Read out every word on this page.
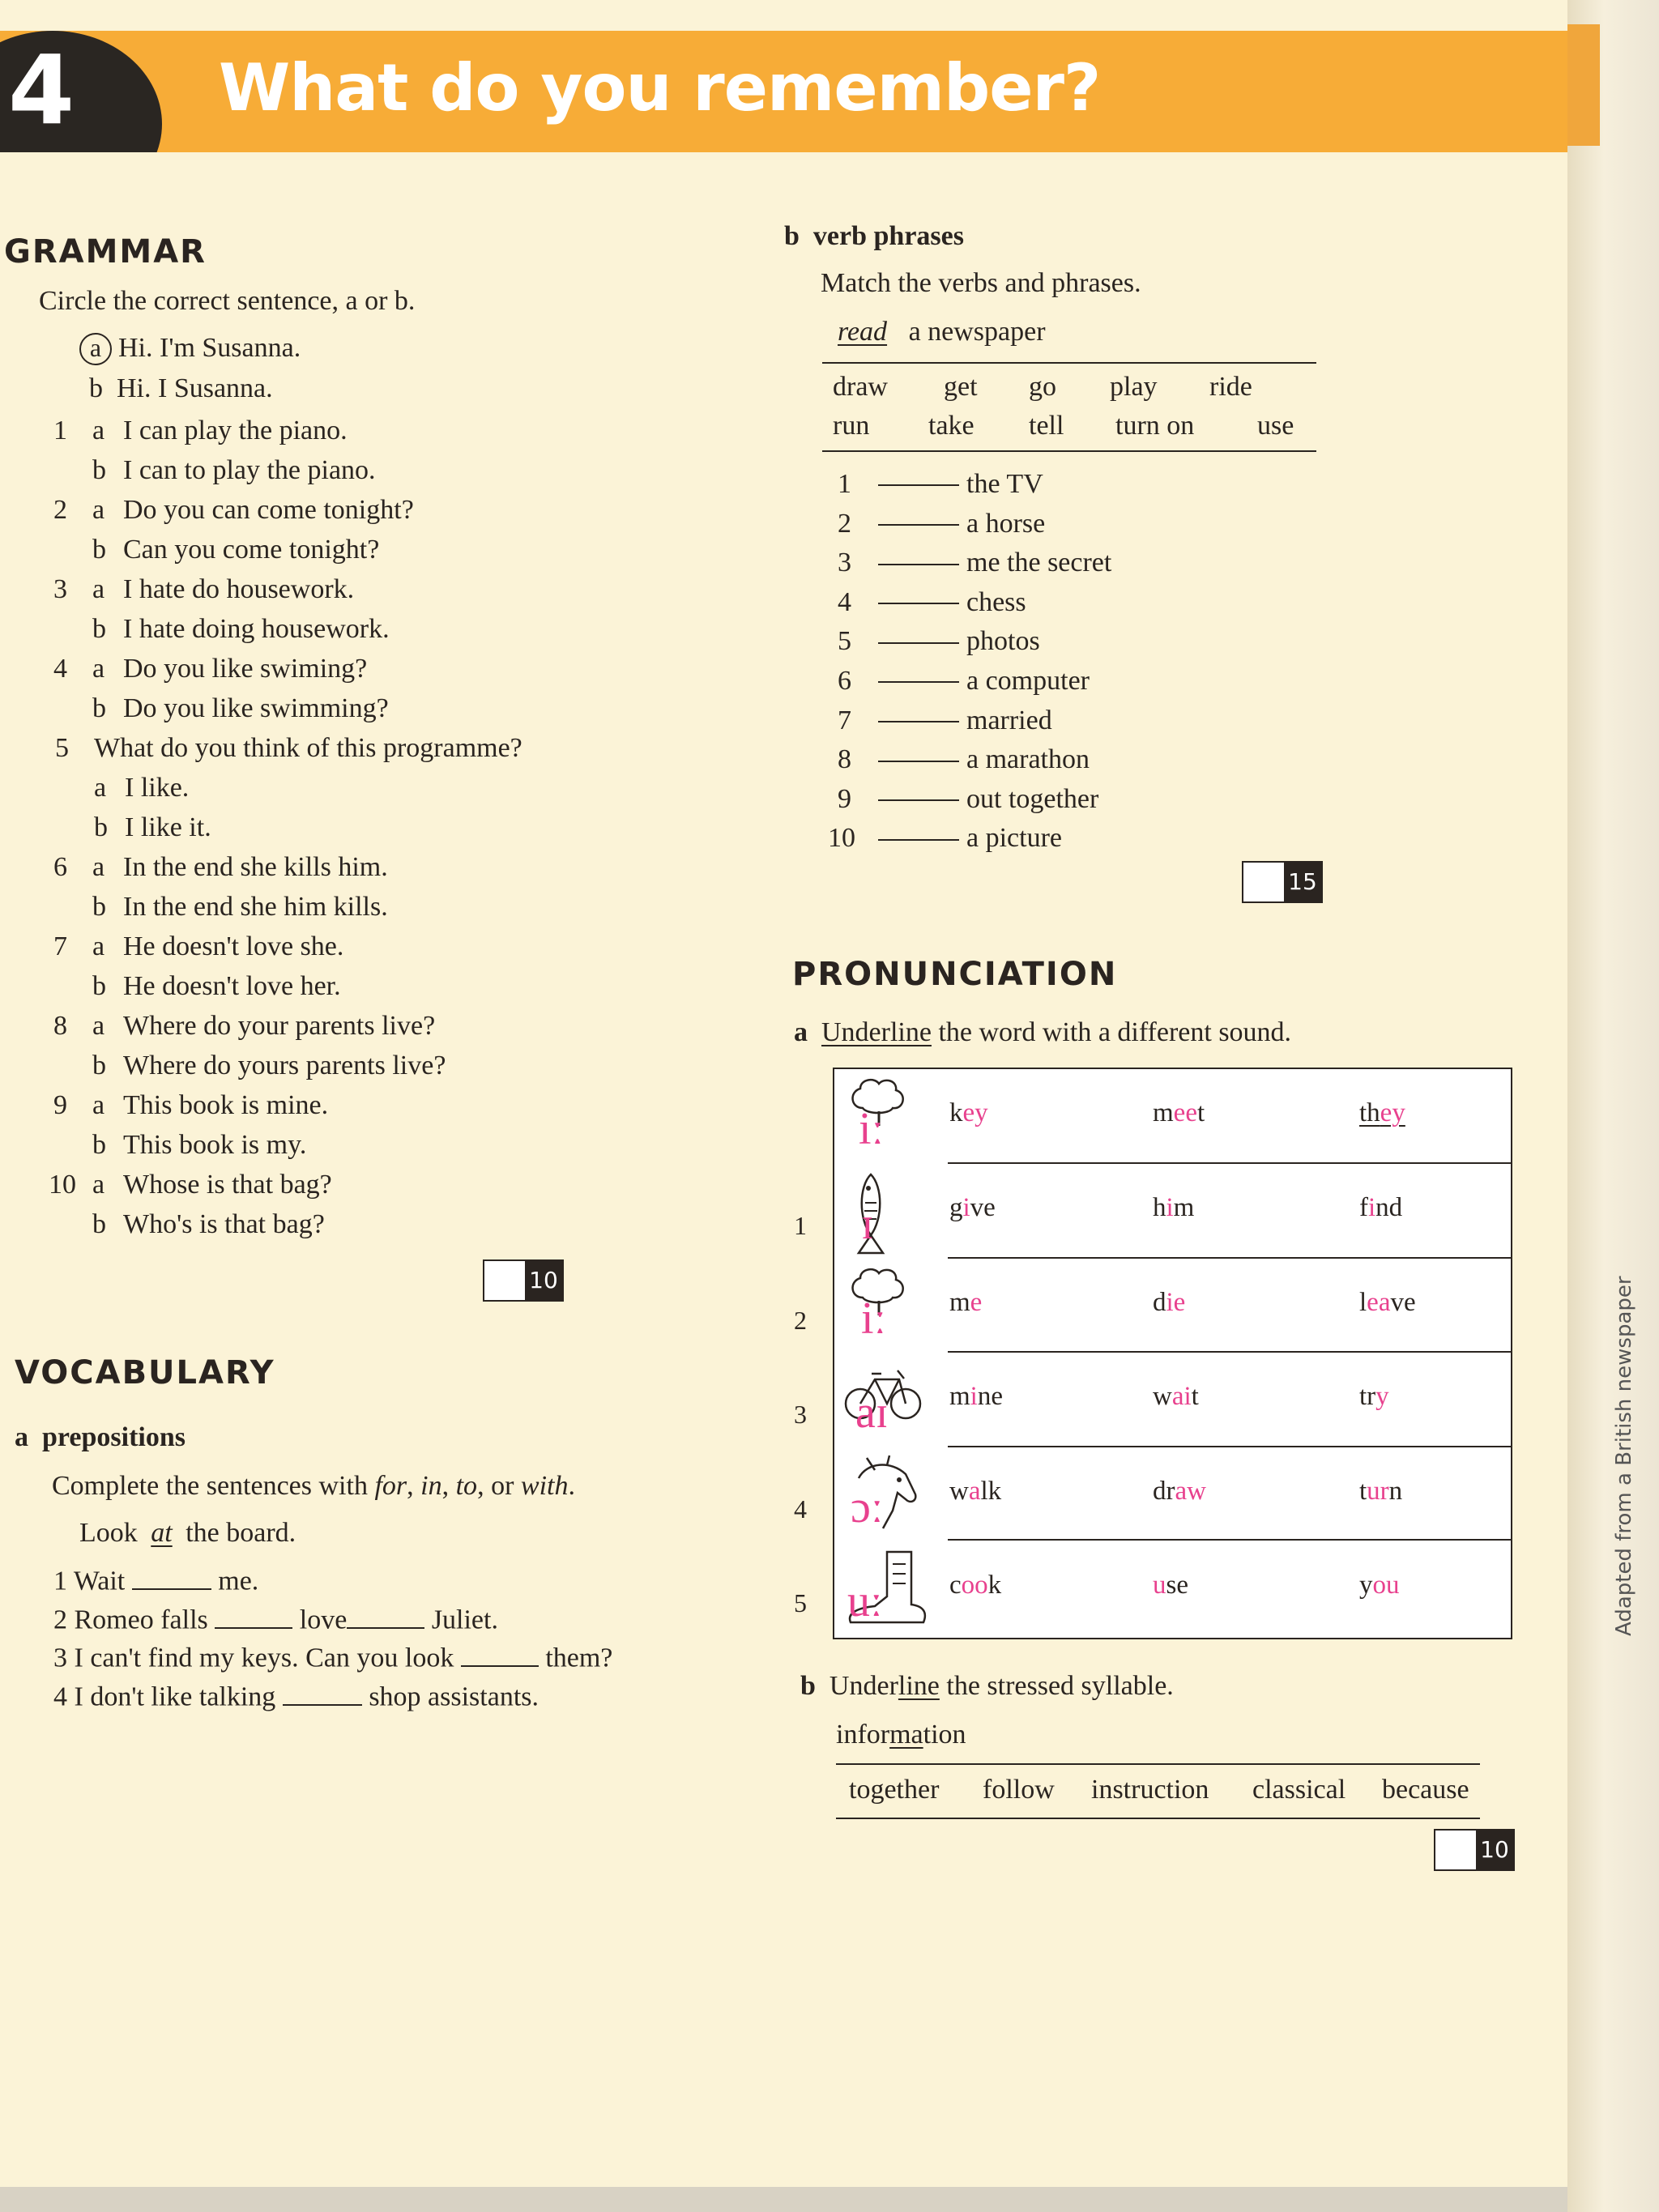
4 What do you remember?
GRAMMAR
Circle the correct sentence, a or b.
a Hi. I'm Susanna.
b Hi. I Susanna.
1 a I can play the piano.
b I can to play the piano.
2 a Do you can come tonight?
b Can you come tonight?
3 a I hate do housework.
b I hate doing housework.
4 a Do you like swiming?
b Do you like swimming?
5 What do you think of this programme?
a I like.
b I like it.
6 a In the end she kills him.
b In the end she him kills.
7 a He doesn't love she.
b He doesn't love her.
8 a Where do your parents live?
b Where do yours parents live?
9 a This book is mine.
b This book is my.
10 a Whose is that bag?
b Who's is that bag?
10
VOCABULARY
a prepositions
Complete the sentences with for, in, to, or with.
Look at the board.
1 Wait	me.
2 Romeo falls	love	Juliet.
3 I can't find my keys. Can you look	them?
4 I don't like talking	shop assistants.
b verb phrases
Match the verbs and phrases.
read a newspaper
draw get go play ride
run take tell turn on use
1	the TV
2	a horse
3	me the secret
4	chess
5	photos
6	a computer
7	married
8	a marathon
9	out together
10	a picture
15
PRONUNCIATION
a Underline the word with a different sound.
iː key	meet	they
1 ɪ	give	him	find
2 iː me	die	leave
3 aɪ mine	wait	try
4 ɔː walk	draw	turn
5 uː cook	use	you
b Underline the stressed syllable.
information
together follow instruction classical because
10
Adapted from a British newspaper
